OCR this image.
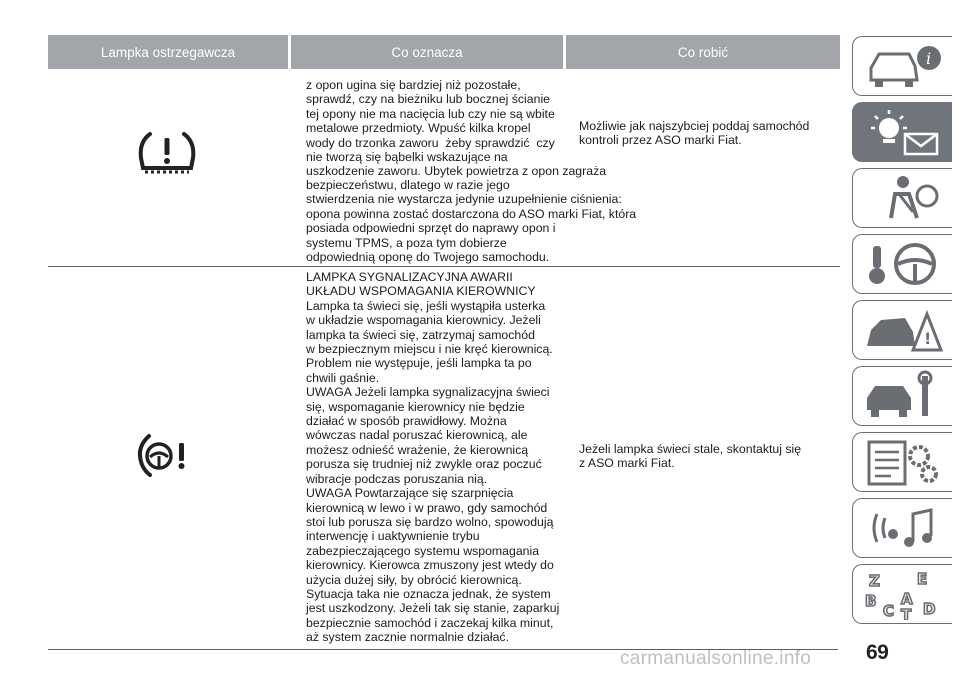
Lampka ostrzegawcza	Co oznacza	Co robić
z opon ugina się bardziej niż pozostałe,
sprawdź, czy na bieżniku lub bocznej ścianie
tej opony nie ma nacięcia lub czy nie są wbite
metalowe przedmioty. Wpuść kilka kropel
wody do trzonka zaworu  żeby sprawdzić  czy
nie tworzą się bąbelki wskazujące na
uszkodzenie zaworu. Ubytek powietrza z opon zagraża
bezpieczeństwu, dlatego w razie jego
stwierdzenia nie wystarcza jedynie uzupełnienie ciśnienia:
opona powinna zostać dostarczona do ASO marki Fiat, która
posiada odpowiedni sprzęt do naprawy opon i
systemu TPMS, a poza tym dobierze
odpowiednią oponę do Twojego samochodu.
Możliwie jak najszybciej poddaj samochód
kontroli przez ASO marki Fiat.
LAMPKA SYGNALIZACYJNA AWARII
UKŁADU WSPOMAGANIA KIEROWNICY
Lampka ta świeci się, jeśli wystąpiła usterka
w układzie wspomagania kierownicy. Jeżeli
lampka ta świeci się, zatrzymaj samochód
w bezpiecznym miejscu i nie kręć kierownicą.
Problem nie występuje, jeśli lampka ta po
chwili gaśnie.
UWAGA Jeżeli lampka sygnalizacyjna świeci
się, wspomaganie kierownicy nie będzie
działać w sposób prawidłowy. Można
wówczas nadal poruszać kierownicą, ale
możesz odnieść wrażenie, że kierownicą
porusza się trudniej niż zwykle oraz poczuć
wibracje podczas poruszania nią.
UWAGA Powtarzające się szarpnięcia
kierownicą w lewo i w prawo, gdy samochód
stoi lub porusza się bardzo wolno, spowodują
interwencję i uaktywnienie trybu
zabezpieczającego systemu wspomagania
kierownicy. Kierowca zmuszony jest wtedy do
użycia dużej siły, by obrócić kierownicą.
Sytuacja taka nie oznacza jednak, że system
jest uszkodzony. Jeżeli tak się stanie, zaparkuj
bezpiecznie samochód i zaczekaj kilka minut,
aż system zacznie normalnie działać.
Jeżeli lampka świeci stale, skontaktuj się
z ASO marki Fiat.
i
!
Z E
B A
C D
T
69
carmanualsonline.info
